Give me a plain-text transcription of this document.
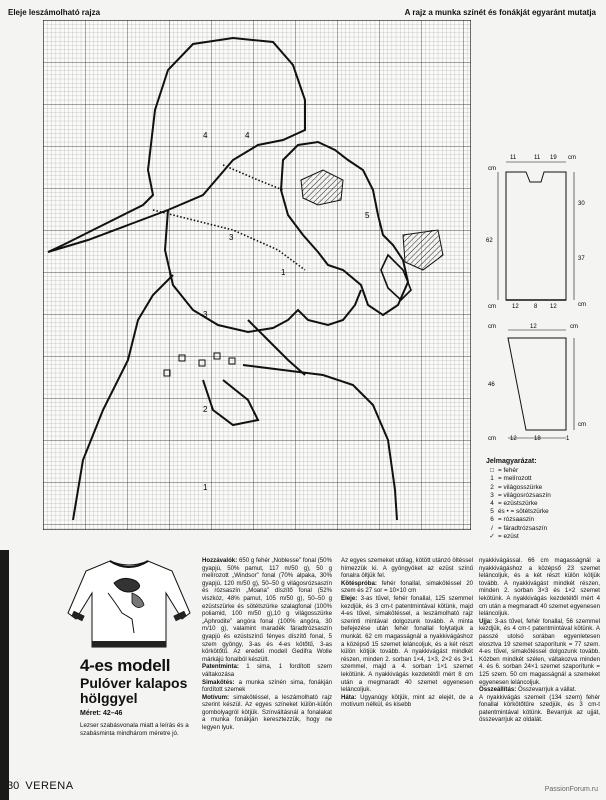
Eleje leszámolható rajza	A rajz a munka színét és fonákját egyaránt mutatja
4
5
3
3
2
1
1
4
11	11 19 cm
cm
30
62
37
cm
cm	12	8 12
cm	12	cm
46
cm
cm 12	18	1
Jelmagyarázat:
□ = fehér
1 = melírozott
2 = világosszürke
3 = világosrózsaszín
4 = ezüstszürke
5 és • = sötétszürke
6 = rózsaaszin
/ = fáradtrózsaszín
✓ = ezüst
4-es modell
Pulóver kalapos hölggyel
Méret: 42–46
Lezser szabásvonala miatt a leírás és a szabásminta mindhárom méretre jó.

Hozzávalók: 650 g fehér „Noblesse” fonal (50% gyapjú, 50% pamut, 117 m/50 g), 50 g melírozott „Windsor” fonal (70% alpaka, 30% gyapjú, 120 m/50 g), 50–50 g világosrózsaszín és rózsaszín „Moana” díszítő fonal (52% viszkóz, 48% pamut, 105 m/50 g), 50–50 g ezüstszürke és sötétszürke szalagfonal (100% poliamid, 100 m/50 g),10 g világosszürke „Aphrodite” angóra fonal (100% angóra, 30 m/10 g), valamint maradék fáradtrózsaszín gyapjú és ezüstszínű fényes díszítő fonal, 5 szem gyöngy, 3-as és 4-es kötőtű, 3-as körkötőtű. Az eredeti modell Gedifra Wolle márkájú fonalból készült.

Patentminta: 1 sima, 1 fordított szem váltakozása

Simakötés: a munka színén sima, fonákján fordított szemek

Motívum: simakötéssel, a leszámolható rajz szerint készül. Az egyes színeket külön-külön gombolyagról kötjük. Színváltásnál a fonalakat a munka fonákján keresztezzük, hogy ne legyen lyuk.

Az egyes szemeket utólag, kötött utánzó öltéssel hímezzük ki. A gyöngyöket az ezüst színű fonalra öltjük fel.

Kötéspróba: fehér fonallal, simakötéssel 20 szem és 27 sor = 10×10 cm

Eleje: 3-as tűvel, fehér fonallal, 125 szemmel kezdjük, és 3 cm-t patentmintával kötünk, majd 4-es tűvel, simakötéssel, a leszámolható rajz szerinti mintával dolgozunk tovább. A minta befejezése után fehér fonallal folytatjuk a munkát. 62 cm magasságnál a nyakkivágáshoz a középső 15 szemet leláncoljuk, és a két részt külön kötjük tovább. A nyakkivágást mindkét részen, minden 2. sorban 1×4, 1×3, 2×2 és 3×1 szemmel, majd a 4. sorban 1×1 szemet lekötünk. A nyakkivágás kezdetétől mért 8 cm után a megmaradt 40 szemet egyenesen leláncoljuk.

Háta: Ugyanúgy kötjük, mint az elejét, de a motívum nélkül, és kisebb

nyakkivágással. 66 cm magasságnál a nyakkivágáshoz a középső 23 szemet leláncoljuk, és a két részt külön kötjük tovább. A nyakkivágást mindkét részen, minden 2. sorban 3×3 és 1×2 szemet lekötünk. A nyakkivágás kezdetétől mért 4 cm után a megmaradt 40 szemet egyenesen leláncoljuk.

Ujja: 3-as tűvel, fehér fonallal, 56 szemmel kezdjük, és 4 cm-t patentmintával kötünk. A passzé utolsó sorában egyenletesen elosztva 19 szemet szaporítunk = 77 szem. 4-es tűvel, simakötéssel dolgozunk tovább. Közben mindkét szélen, váltakozva minden 4. és 6. sorban 24×1 szemet szaporítunk = 125 szem. 50 cm magasságnál a szemeket egyenesen leláncoljuk.

Összeállítás: Összevarrjuk a vállat.

A nyakkivágás szemeit (134 szem) fehér fonallal körkötőtűre szedjük, és 3 cm-t patentmintával kötünk. Bevarrjuk az ujját, összevarrjuk az oldalát.

30 VERENA	PassionForum.ru
